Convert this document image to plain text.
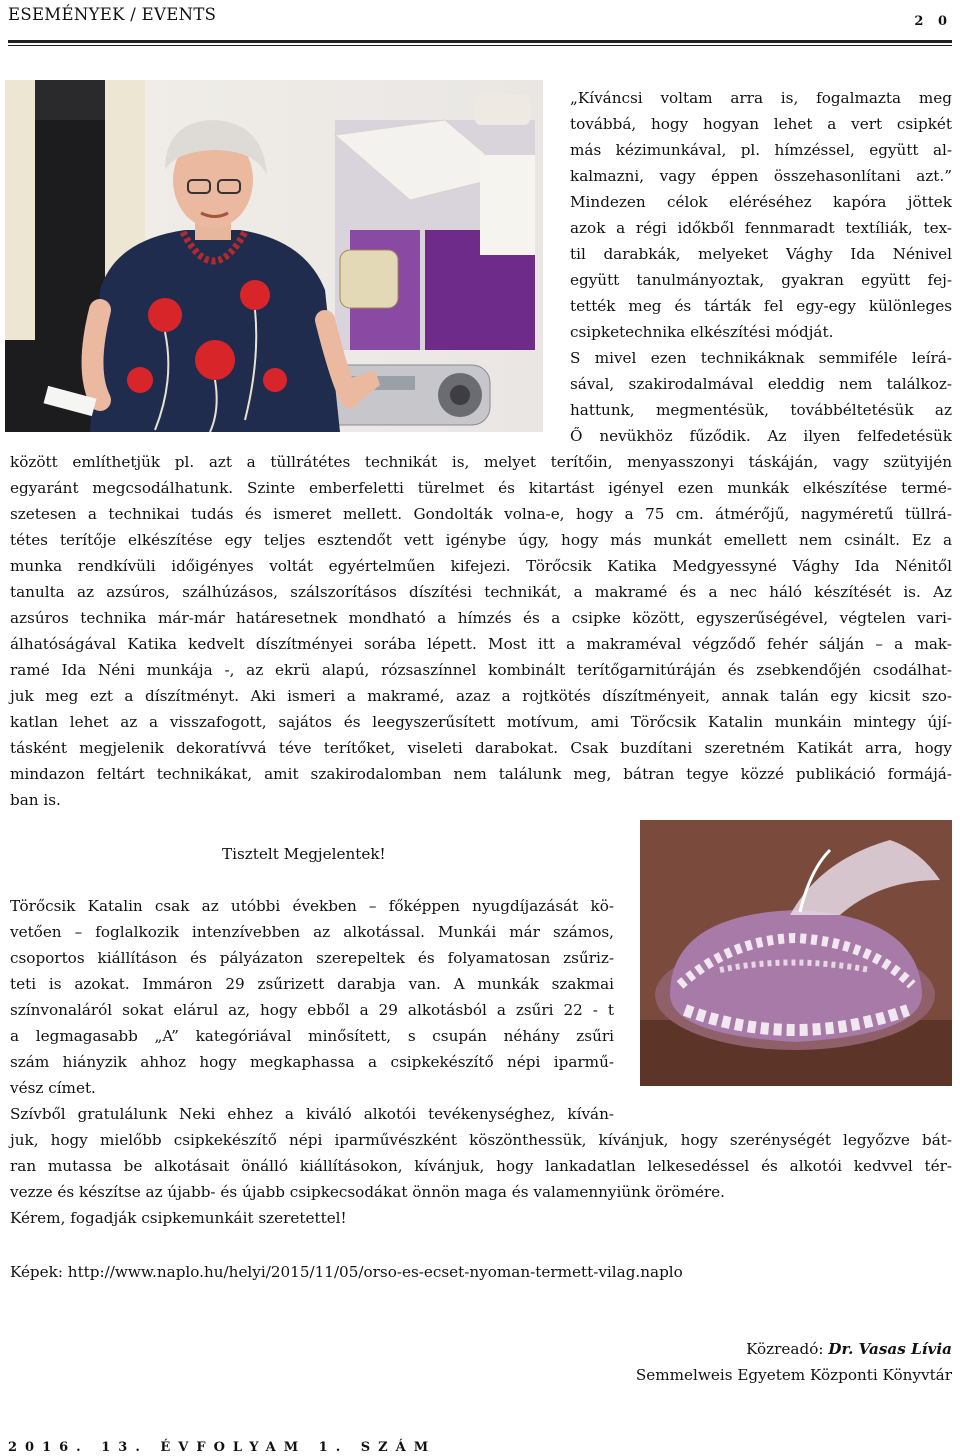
ESEMÉNYEK / EVENTS	2 0
„Kíváncsi voltam arra is, fogalmazta meg
továbbá, hogy hogyan lehet a vert csipkét
más kézimunkával, pl. hímzéssel, együtt al-
kalmazni, vagy éppen összehasonlítani azt.”
Mindezen célok eléréséhez kapóra jöttek
azok a régi időkből fennmaradt textíliák, tex-
til darabkák, melyeket Vághy Ida Nénivel
együtt tanulmányoztak, gyakran együtt fej-
tették meg és tárták fel egy-egy különleges
csipketechnika elkészítési módját.
S mivel ezen technikáknak semmiféle leírá-
sával, szakirodalmával eleddig nem találkoz-
hattunk, megmentésük, továbbéltetésük az
Ő nevükhöz fűződik. Az ilyen felfedetésük
között említhetjük pl. azt a tüllrátétes technikát is, melyet terítőin, menyasszonyi táskáján, vagy szütyijén
egyaránt megcsodálhatunk. Szinte emberfeletti türelmet és kitartást igényel ezen munkák elkészítése termé-
szetesen a technikai tudás és ismeret mellett. Gondolták volna-e, hogy a 75 cm. átmérőjű, nagyméretű tüllrá-
tétes terítője elkészítése egy teljes esztendőt vett igénybe úgy, hogy más munkát emellett nem csinált. Ez a
munka rendkívüli időigényes voltát egyértelműen kifejezi. Törőcsik Katika Medgyessyné Vághy Ida Nénitől
tanulta az azsúros, szálhúzásos, szálszorításos díszítési technikát, a makramé és a nec háló készítését is. Az
azsúros technika már-már határesetnek mondható a hímzés és a csipke között, egyszerűségével, végtelen vari-
álhatóságával Katika kedvelt díszítményei sorába lépett. Most itt a makraméval végződő fehér sálján – a mak-
ramé Ida Néni munkája -, az ekrü alapú, rózsaszínnel kombinált terítőgarnitúráján és zsebkendőjén csodálhat-
juk meg ezt a díszítményt. Aki ismeri a makramé, azaz a rojtkötés díszítményeit, annak talán egy kicsit szo-
katlan lehet az a visszafogott, sajátos és leegyszerűsített motívum, ami Törőcsik Katalin munkáin mintegy újí-
tásként megjelenik dekoratívvá téve terítőket, viseleti darabokat. Csak buzdítani szeretném Katikát arra, hogy
mindazon feltárt technikákat, amit szakirodalomban nem találunk meg, bátran tegye közzé publikáció formájá-
ban is.
Tisztelt Megjelentek!
Törőcsik Katalin csak az utóbbi években – főképpen nyugdíjazását kö-
vetően – foglalkozik intenzívebben az alkotással. Munkái már számos,
csoportos kiállításon és pályázaton szerepeltek és folyamatosan zsűriz-
teti is azokat. Immáron 29 zsűrizett darabja van. A munkák szakmai
színvonaláról sokat elárul az, hogy ebből a 29 alkotásból a zsűri 22 - t
a legmagasabb „A” kategóriával minősített, s csupán néhány zsűri
szám hiányzik ahhoz hogy megkaphassa a csipkekészítő népi iparmű-
vész címet.
Szívből gratulálunk Neki ehhez a kiváló alkotói tevékenységhez, kíván-
juk, hogy mielőbb csipkekészítő népi iparművészként köszönthessük, kívánjuk, hogy szerénységét legyőzve bát-
ran mutassa be alkotásait önálló kiállításokon, kívánjuk, hogy lankadatlan lelkesedéssel és alkotói kedvvel tér-
vezze és készítse az újabb- és újabb csipkecsodákat önnön maga és valamennyiünk örömére.
Kérem, fogadják csipkemunkáit szeretettel!
Képek: http://www.naplo.hu/helyi/2015/11/05/orso-es-ecset-nyoman-termett-vilag.naplo
Közreadó: Dr. Vasas Lívia
Semmelweis Egyetem Központi Könyvtár
2016. 13. ÉVFOLYAM 1. SZÁM
